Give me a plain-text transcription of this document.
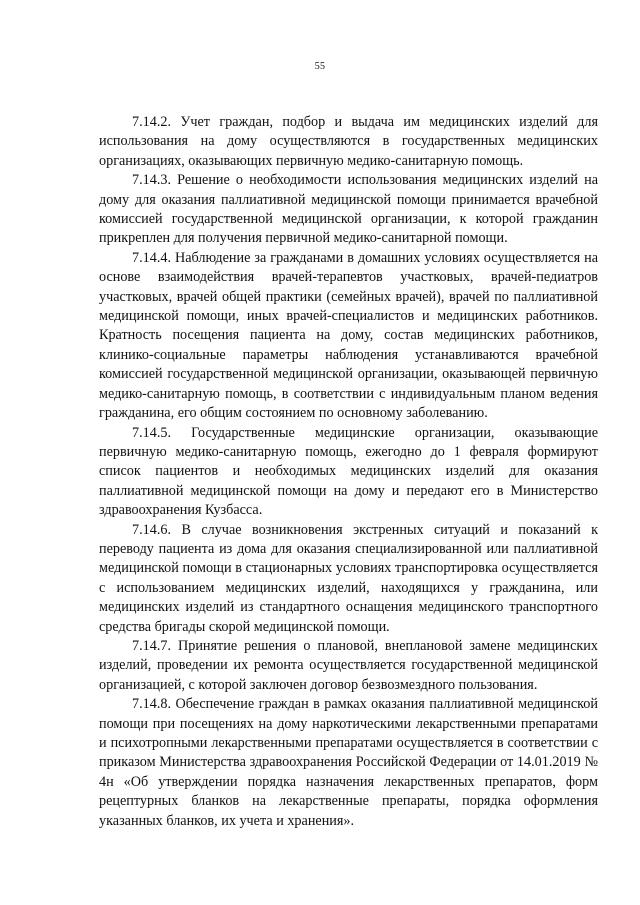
55

7.14.2. Учет граждан, подбор и выдача им медицинских изделий для использования на дому осуществляются в государственных медицинских организациях, оказывающих первичную медико-санитарную помощь.

7.14.3. Решение о необходимости использования медицинских изделий на дому для оказания паллиативной медицинской помощи принимается врачебной комиссией государственной медицинской организации, к которой гражданин прикреплен для получения первичной медико-санитарной помощи.

7.14.4. Наблюдение за гражданами в домашних условиях осуществляется на основе взаимодействия врачей-терапевтов участковых, врачей-педиатров участковых, врачей общей практики (семейных врачей), врачей по паллиативной медицинской помощи, иных врачей-специалистов и медицинских работников. Кратность посещения пациента на дому, состав медицинских работников, клинико-социальные параметры наблюдения устанавливаются врачебной комиссией государственной медицинской организации, оказывающей первичную медико-санитарную помощь, в соответствии с индивидуальным планом ведения гражданина, его общим состоянием по основному заболеванию.

7.14.5. Государственные медицинские организации, оказывающие первичную медико-санитарную помощь, ежегодно до 1 февраля формируют список пациентов и необходимых медицинских изделий для оказания паллиативной медицинской помощи на дому и передают его в Министерство здравоохранения Кузбасса.

7.14.6. В случае возникновения экстренных ситуаций и показаний к переводу пациента из дома для оказания специализированной или паллиативной медицинской помощи в стационарных условиях транспортировка осуществляется с использованием медицинских изделий, находящихся у гражданина, или медицинских изделий из стандартного оснащения медицинского транспортного средства бригады скорой медицинской помощи.

7.14.7. Принятие решения о плановой, внеплановой замене медицинских изделий, проведении их ремонта осуществляется государственной медицинской организацией, с которой заключен договор безвозмездного пользования.

7.14.8. Обеспечение граждан в рамках оказания паллиативной медицинской помощи при посещениях на дому наркотическими лекарственными препаратами и психотропными лекарственными препаратами осуществляется в соответствии с приказом Министерства здравоохранения Российской Федерации от 14.01.2019 № 4н «Об утверждении порядка назначения лекарственных препаратов, форм рецептурных бланков на лекарственные препараты, порядка оформления указанных бланков, их учета и хранения».
